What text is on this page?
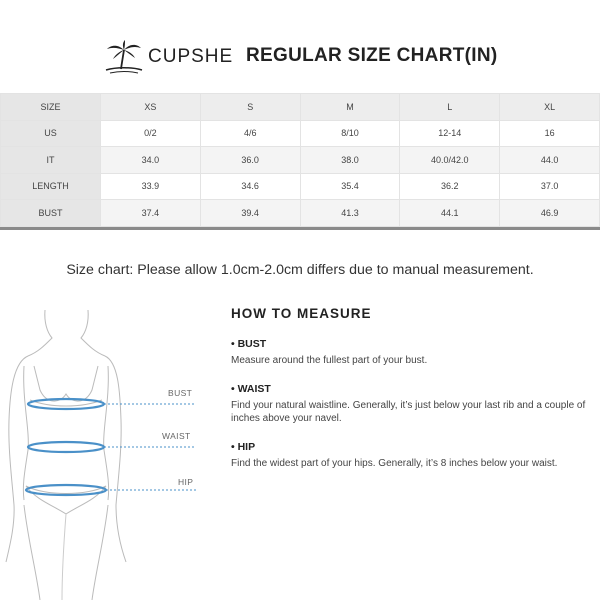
CUPSHE REGULAR SIZE CHART(IN)
SIZE	XS	S	M	L	XL
US	0/2	4/6	8/10	12-14	16
IT	34.0	36.0	38.0	40.0/42.0	44.0
LENGTH	33.9	34.6	35.4	36.2	37.0
BUST	37.4	39.4	41.3	44.1	46.9
Size chart: Please allow 1.0cm-2.0cm differs due to manual measurement.
BUST
WAIST
HIP
HOW TO MEASURE
• BUST
Measure around the fullest part of your bust.
• WAIST
Find your natural waistline. Generally, it’s just below your last rib and a couple of inches above your navel.
• HIP
Find the widest part of your hips. Generally, it’s 8 inches below your waist.
